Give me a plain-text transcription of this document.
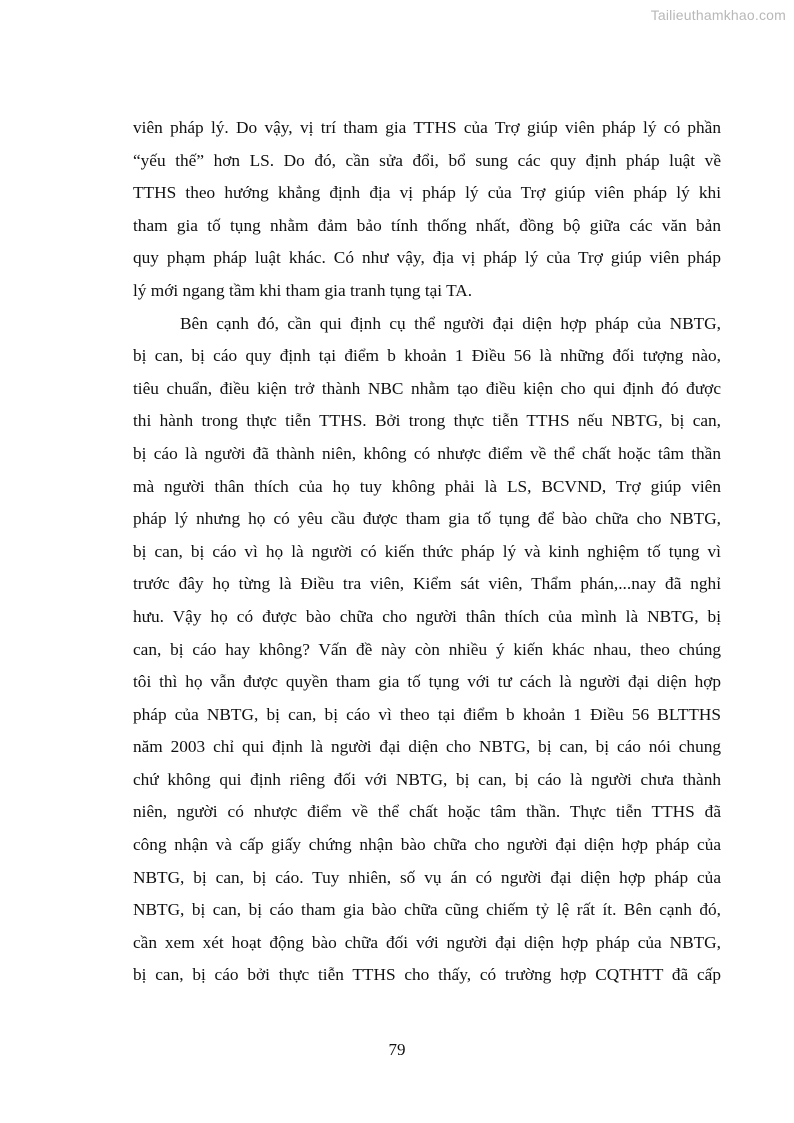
Tailieuthamkhao.com
viên pháp lý. Do vậy, vị trí tham gia TTHS của Trợ giúp viên pháp lý có phần
“yếu thế” hơn LS. Do đó, cần sửa đổi, bổ sung các quy định pháp luật về
TTHS theo hướng khẳng định địa vị pháp lý của Trợ giúp viên pháp lý khi
tham gia tố tụng nhằm đảm bảo tính thống nhất, đồng bộ giữa các văn bản
quy phạm pháp luật khác. Có như vậy, địa vị pháp lý của Trợ giúp viên pháp
lý mới ngang tầm khi tham gia tranh tụng tại TA.
Bên cạnh đó, cần qui định cụ thể người đại diện hợp pháp của NBTG,
bị can, bị cáo quy định tại điểm b khoản 1 Điều 56 là những đối tượng nào,
tiêu chuẩn, điều kiện trở thành NBC nhằm tạo điều kiện cho qui định đó được
thi hành trong thực tiễn TTHS. Bởi trong thực tiễn TTHS nếu NBTG, bị can,
bị cáo là người đã thành niên, không có nhược điểm về thể chất hoặc tâm thần
mà người thân thích của họ tuy không phải là LS, BCVND, Trợ giúp viên
pháp lý nhưng họ có yêu cầu được tham gia tố tụng để bào chữa cho NBTG,
bị can, bị cáo vì họ là người có kiến thức pháp lý và kinh nghiệm tố tụng vì
trước đây họ từng là Điều tra viên, Kiểm sát viên, Thẩm phán,...nay đã nghỉ
hưu. Vậy họ có được bào chữa cho người thân thích của mình là NBTG, bị
can, bị cáo hay không? Vấn đề này còn nhiều ý kiến khác nhau, theo chúng
tôi thì họ vẫn được quyền tham gia tố tụng với tư cách là người đại diện hợp
pháp của NBTG, bị can, bị cáo vì theo tại điểm b khoản 1 Điều 56 BLTTHS
năm 2003 chỉ qui định là người đại diện cho NBTG, bị can, bị cáo nói chung
chứ không qui định riêng đối với NBTG, bị can, bị cáo là người chưa thành
niên, người có nhược điểm về thể chất hoặc tâm thần. Thực tiễn TTHS đã
công nhận và cấp giấy chứng nhận bào chữa cho người đại diện hợp pháp của
NBTG, bị can, bị cáo. Tuy nhiên, số vụ án có người đại diện hợp pháp của
NBTG, bị can, bị cáo tham gia bào chữa cũng chiếm tỷ lệ rất ít. Bên cạnh đó,
cần xem xét hoạt động bào chữa đối với người đại diện hợp pháp của NBTG,
bị can, bị cáo bởi thực tiễn TTHS cho thấy, có trường hợp CQTHTT đã cấp
79
